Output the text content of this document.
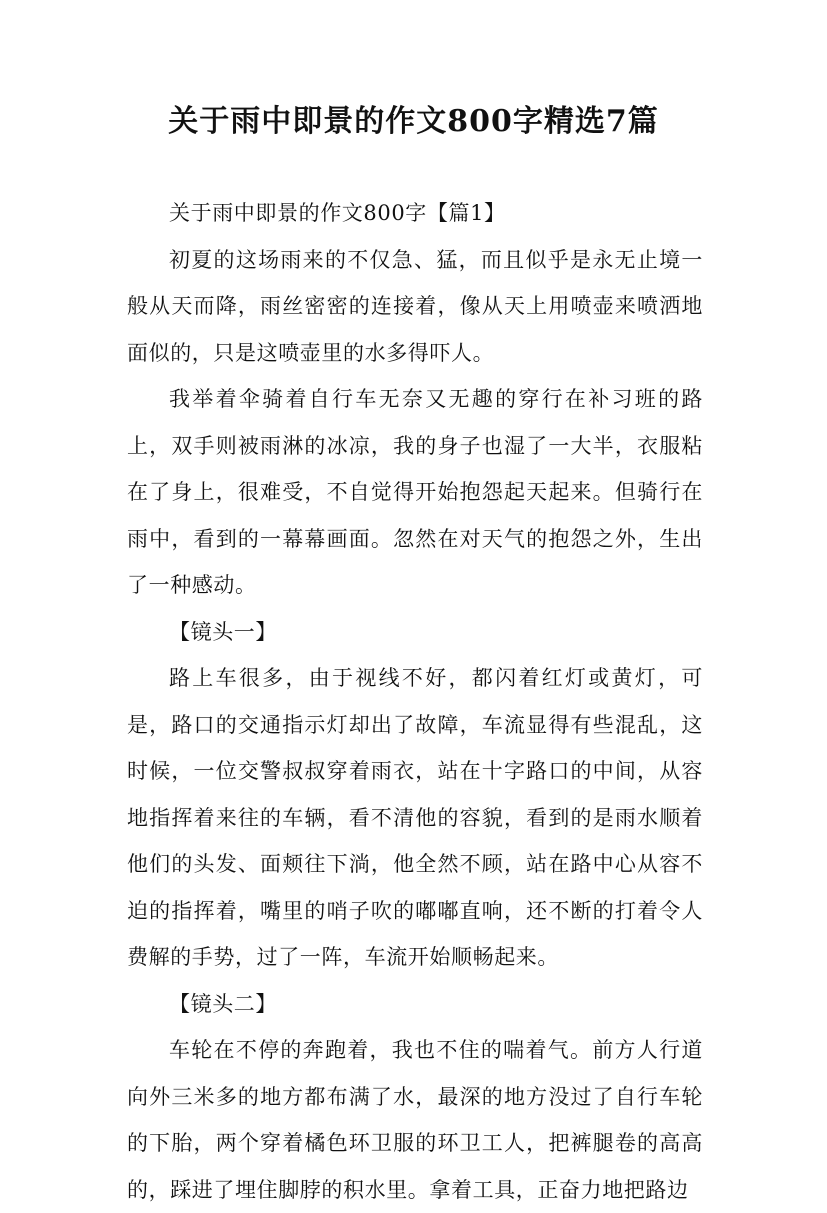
关于雨中即景的作文800字精选7篇

关于雨中即景的作文800字【篇1】

初夏的这场雨来的不仅急、猛，而且似乎是永无止境一般从天而降，雨丝密密的连接着，像从天上用喷壶来喷洒地面似的，只是这喷壶里的水多得吓人。

我举着伞骑着自行车无奈又无趣的穿行在补习班的路上，双手则被雨淋的冰凉，我的身子也湿了一大半，衣服粘在了身上，很难受，不自觉得开始抱怨起天起来。但骑行在雨中，看到的一幕幕画面。忽然在对天气的抱怨之外，生出了一种感动。

【镜头一】

路上车很多，由于视线不好，都闪着红灯或黄灯，可是，路口的交通指示灯却出了故障，车流显得有些混乱，这时候，一位交警叔叔穿着雨衣，站在十字路口的中间，从容地指挥着来往的车辆，看不清他的容貌，看到的是雨水顺着他们的头发、面颊往下淌，他全然不顾，站在路中心从容不迫的指挥着，嘴里的哨子吹的嘟嘟直响，还不断的打着令人费解的手势，过了一阵，车流开始顺畅起来。

【镜头二】

车轮在不停的奔跑着，我也不住的喘着气。前方人行道向外三米多的地方都布满了水，最深的地方没过了自行车轮的下胎，两个穿着橘色环卫服的环卫工人，把裤腿卷的高高的，踩进了埋住脚脖的积水里。拿着工具，正奋力地把路边
